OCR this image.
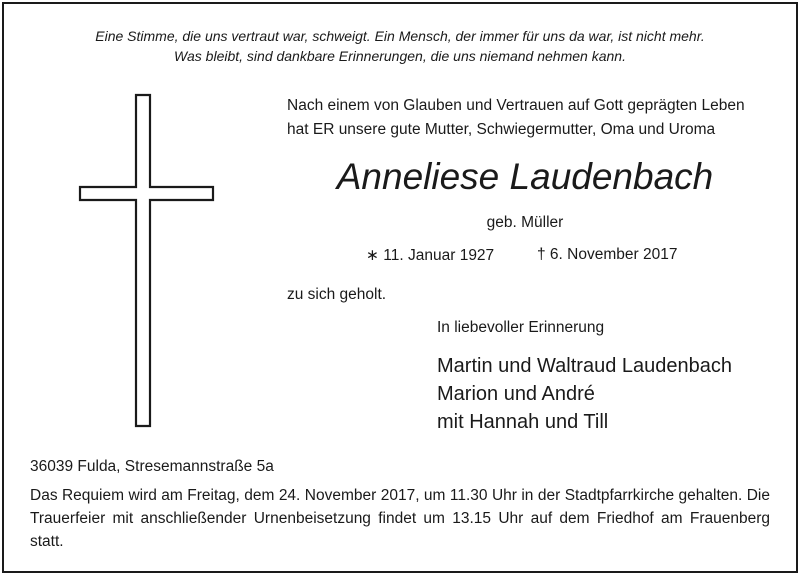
Eine Stimme, die uns vertraut war, schweigt. Ein Mensch, der immer für uns da war, ist nicht mehr.
Was bleibt, sind dankbare Erinnerungen, die uns niemand nehmen kann.
Nach einem von Glauben und Vertrauen auf Gott geprägten Leben
hat ER unsere gute Mutter, Schwiegermutter, Oma und Uroma
Anneliese Laudenbach
geb. Müller
∗ 11. Januar 1927	† 6. November 2017
zu sich geholt.
In liebevoller Erinnerung
Martin und Waltraud Laudenbach
Marion und André
mit Hannah und Till
36039 Fulda, Stresemannstraße 5a
Das Requiem wird am Freitag, dem 24. November 2017, um 11.30 Uhr in der Stadtpfarrkirche gehalten. Die Trauerfeier mit anschließender Urnenbeisetzung findet um 13.15 Uhr auf dem Friedhof am Frauenberg statt.
